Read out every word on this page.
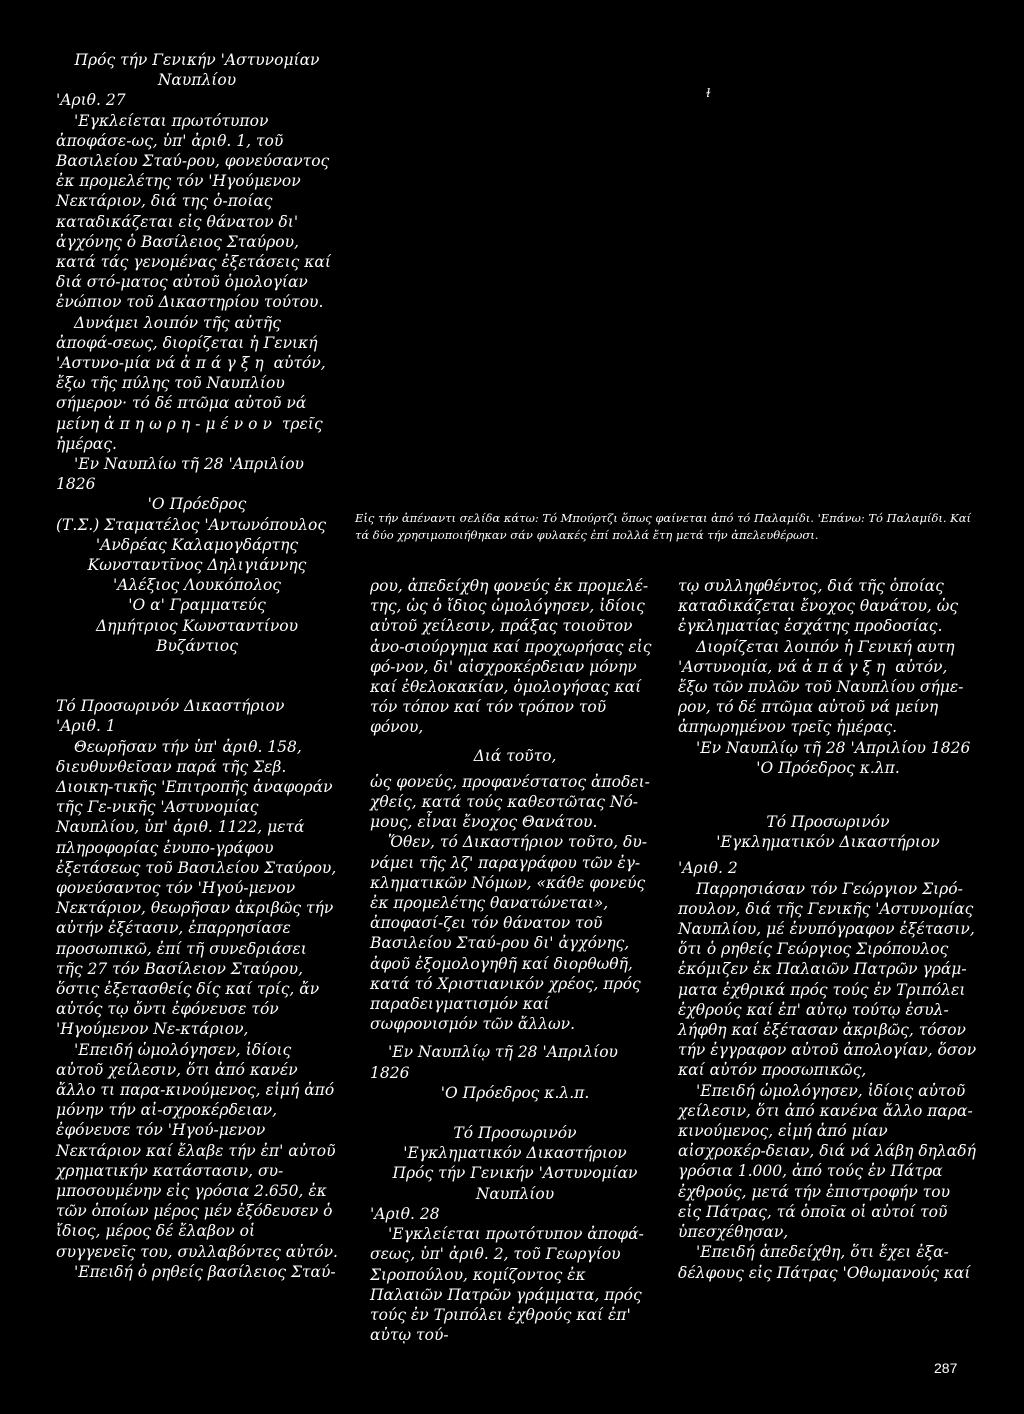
Πρός τήν Γενικήν 'Αστυνομίαν

Ναυπλίου

'Αριθ. 27

'Εγκλείεται πρωτότυπον ἀποφάσε-ως, ὑπ' ἀριθ. 1, τοῦ Βασιλείου Σταύ-ρου, φονεύσαντος ἐκ προμελέτης τόν 'Ηγούμενον Νεκτάριον, διά της ὁ-ποίας καταδικάζεται εἰς θάνατον δι' ἀγχόνης ὁ Βασίλειος Σταύρου, κατά τάς γενομένας ἐξετάσεις καί διά στό-ματος αὐτοῦ ὁμολογίαν ἐνώπιον τοῦ Δικαστηρίου τούτου.

Δυνάμει λοιπόν τῆς αὐτῆς ἀποφά-σεως, διορίζεται ἡ Γενική 'Αστυνο-μία νά ἀπάγξη αὐτόν, ἔξω τῆς πύλης τοῦ Ναυπλίου σήμερον· τό δέ πτῶμα αὐτοῦ νά μείνη ἀπηωρη-μένον τρεῖς ἡμέρας.

'Εν Ναυπλίω τῆ 28 'Απριλίου 1826

'Ο Πρόεδρος

(Τ.Σ.) Σταματέλος 'Αντωνόπουλος

'Ανδρέας Καλαμογδάρτης

Κωνσταντῖνος Δηλιγιάννης

'Αλέξιος Λουκόπολος

'Ο α' Γραμματεύς

Δημήτριος Κωνσταντίνου

Βυζάντιος

Τό Προσωρινόν Δικαστήριον

'Αριθ. 1

Θεωρῆσαν τήν ὑπ' ἀριθ. 158, διευθυνθεῖσαν παρά τῆς Σεβ. Διοικη-τικῆς 'Επιτροπῆς ἀναφοράν τῆς Γε-νικῆς 'Αστυνομίας Ναυπλίου, ὑπ' ἀριθ. 1122, μετά πληροφορίας ἐνυπο-γράφου ἐξετάσεως τοῦ Βασιλείου Σταύρου, φονεύσαντος τόν 'Ηγού-μενον Νεκτάριον, θεωρῆσαν ἀκριβῶς τήν αὐτήν ἐξέτασιν, ἐπαρρησίασε προσωπικῶ, ἐπί τῆ συνεδριάσει τῆς 27 τόν Βασίλειον Σταύρου, ὅστις ἐξετασθείς δίς καί τρίς, ἄν αὐτός τῳ ὄντι ἐφόνευσε τόν 'Ηγούμενον Νε-κτάριον,

'Επειδή ὡμολόγησεν, ἰδίοις αὐτοῦ χείλεσιν, ὅτι ἀπό κανέν ἄλλο τι παρα-κινούμενος, εἰμή ἀπό μόνην τήν αἰ-σχροκέρδειαν, ἐφόνευσε τόν 'Ηγού-μενον Νεκτάριον καί ἔλαβε τήν ἐπ' αὐτοῦ χρηματικήν κατάστασιν, συ-μποσουμένην εἰς γρόσια 2.650, ἐκ τῶν ὁποίων μέρος μέν ἐξόδευσεν ὁ ἴδιος, μέρος δέ ἔλαβον οἱ συγγενεῖς του, συλλαβόντες αὐτόν.

'Επειδή ὁ ρηθείς βασίλειος Σταύ-

Εἰς τήν ἀπέναντι σελίδα κάτω: Τό Μπούρτζι ὅπως φαίνεται ἀπό τό Παλαμίδι. 'Επάνω: Τό Παλαμίδι. Καί τά δύο χρησιμοποιήθηκαν σάν φυλακές ἐπί πολλά ἔτη μετά τήν ἀπελευθέρωσι.

ρου, ἀπεδείχθη φονεύς ἐκ προμελέ-της, ὡς ὁ ἴδιος ὡμολόγησεν, ἰδίοις αὐτοῦ χείλεσιν, πράξας τοιοῦτον ἀνο-σιούργημα καί προχωρήσας εἰς φό-νον, δι' αἰσχροκέρδειαν μόνην καί ἐθελοκακίαν, ὁμολογήσας καί τόν τόπον καί τόν τρόπον τοῦ φόνου,

Διά τοῦτο,

ὡς φονεύς, προφανέστατος ἀποδει-χθείς, κατά τούς καθεστῶτας Νό-μους, εἶναι ἔνοχος Θανάτου.

Ὅθεν, τό Δικαστήριον τοῦτο, δυ-νάμει τῆς λζ' παραγράφου τῶν ἐγ-κληματικῶν Νόμων, «κάθε φονεύς ἐκ προμελέτης θανατώνεται», ἀποφασί-ζει τόν θάνατον τοῦ Βασιλείου Σταύ-ρου δι' ἀγχόνης, ἀφοῦ ἐξομολογηθῆ καί διορθωθῆ, κατά τό Χριστιανικόν χρέος, πρός παραδειγματισμόν καί σωφρονισμόν τῶν ἄλλων.

'Εν Ναυπλίῳ τῆ 28 'Απριλίου 1826

'Ο Πρόεδρος κ.λ.π.

Τό Προσωρινόν

'Εγκληματικόν Δικαστήριον

Πρός τήν Γενικήν 'Αστυνομίαν

Ναυπλίου

'Αριθ. 28

'Εγκλείεται πρωτότυπον ἀποφά-σεως, ὑπ' ἀριθ. 2, τοῦ Γεωργίου Σιροπούλου, κομίζοντος ἐκ Παλαιῶν Πατρῶν γράμματα, πρός τούς ἐν Τριπόλει ἐχθρούς καί ἐπ' αὐτῳ τού-

τῳ συλληφθέντος, διά τῆς ὁποίας καταδικάζεται ἔνοχος θανάτου, ὡς ἐγκληματίας ἐσχάτης προδοσίας.

Διορίζεται λοιπόν ἡ Γενική αυτη 'Αστυνομία, νά ἀπάγξη αὐτόν, ἔξω τῶν πυλῶν τοῦ Ναυπλίου σήμε-ρον, τό δέ πτῶμα αὐτοῦ νά μείνη ἀπηωρημένον τρεῖς ἡμέρας.

'Εν Ναυπλίῳ τῆ 28 'Απριλίου 1826

'Ο Πρόεδρος κ.λπ.

Τό Προσωρινόν

'Εγκληματικόν Δικαστήριον

'Αριθ. 2

Παρρησιάσαν τόν Γεώργιον Σιρό-πουλον, διά τῆς Γενικῆς 'Αστυνομίας Ναυπλίου, μέ ἐνυπόγραφον ἐξέτασιν, ὅτι ὁ ρηθείς Γεώργιος Σιρόπουλος ἐκόμιζεν ἐκ Παλαιῶν Πατρῶν γράμ-ματα ἐχθρικά πρός τούς ἐν Τριπόλει ἐχθρούς καί ἐπ' αὐτῳ τούτῳ ἐσυλ-λήφθη καί ἐξέτασαν ἀκριβῶς, τόσον τήν ἐγγραφον αὐτοῦ ἀπολογίαν, ὅσον καί αὐτόν προσωπικῶς,

'Επειδή ὡμολόγησεν, ἰδίοις αὐτοῦ χείλεσιν, ὅτι ἀπό κανένα ἄλλο παρα-κινούμενος, εἰμή ἀπό μίαν αἰσχροκέρ-δειαν, διά νά λάβη δηλαδή γρόσια 1.000, ἀπό τούς ἐν Πάτρα ἐχθρούς, μετά τήν ἐπιστροφήν του εἰς Πάτρας, τά ὁποῖα οἱ αὐτοί τοῦ ὑπεσχέθησαν,

'Επειδή ἀπεδείχθη, ὅτι ἔχει ἐξα-δέλφους εἰς Πάτρας 'Οθωμανούς καί

ɫ
287
